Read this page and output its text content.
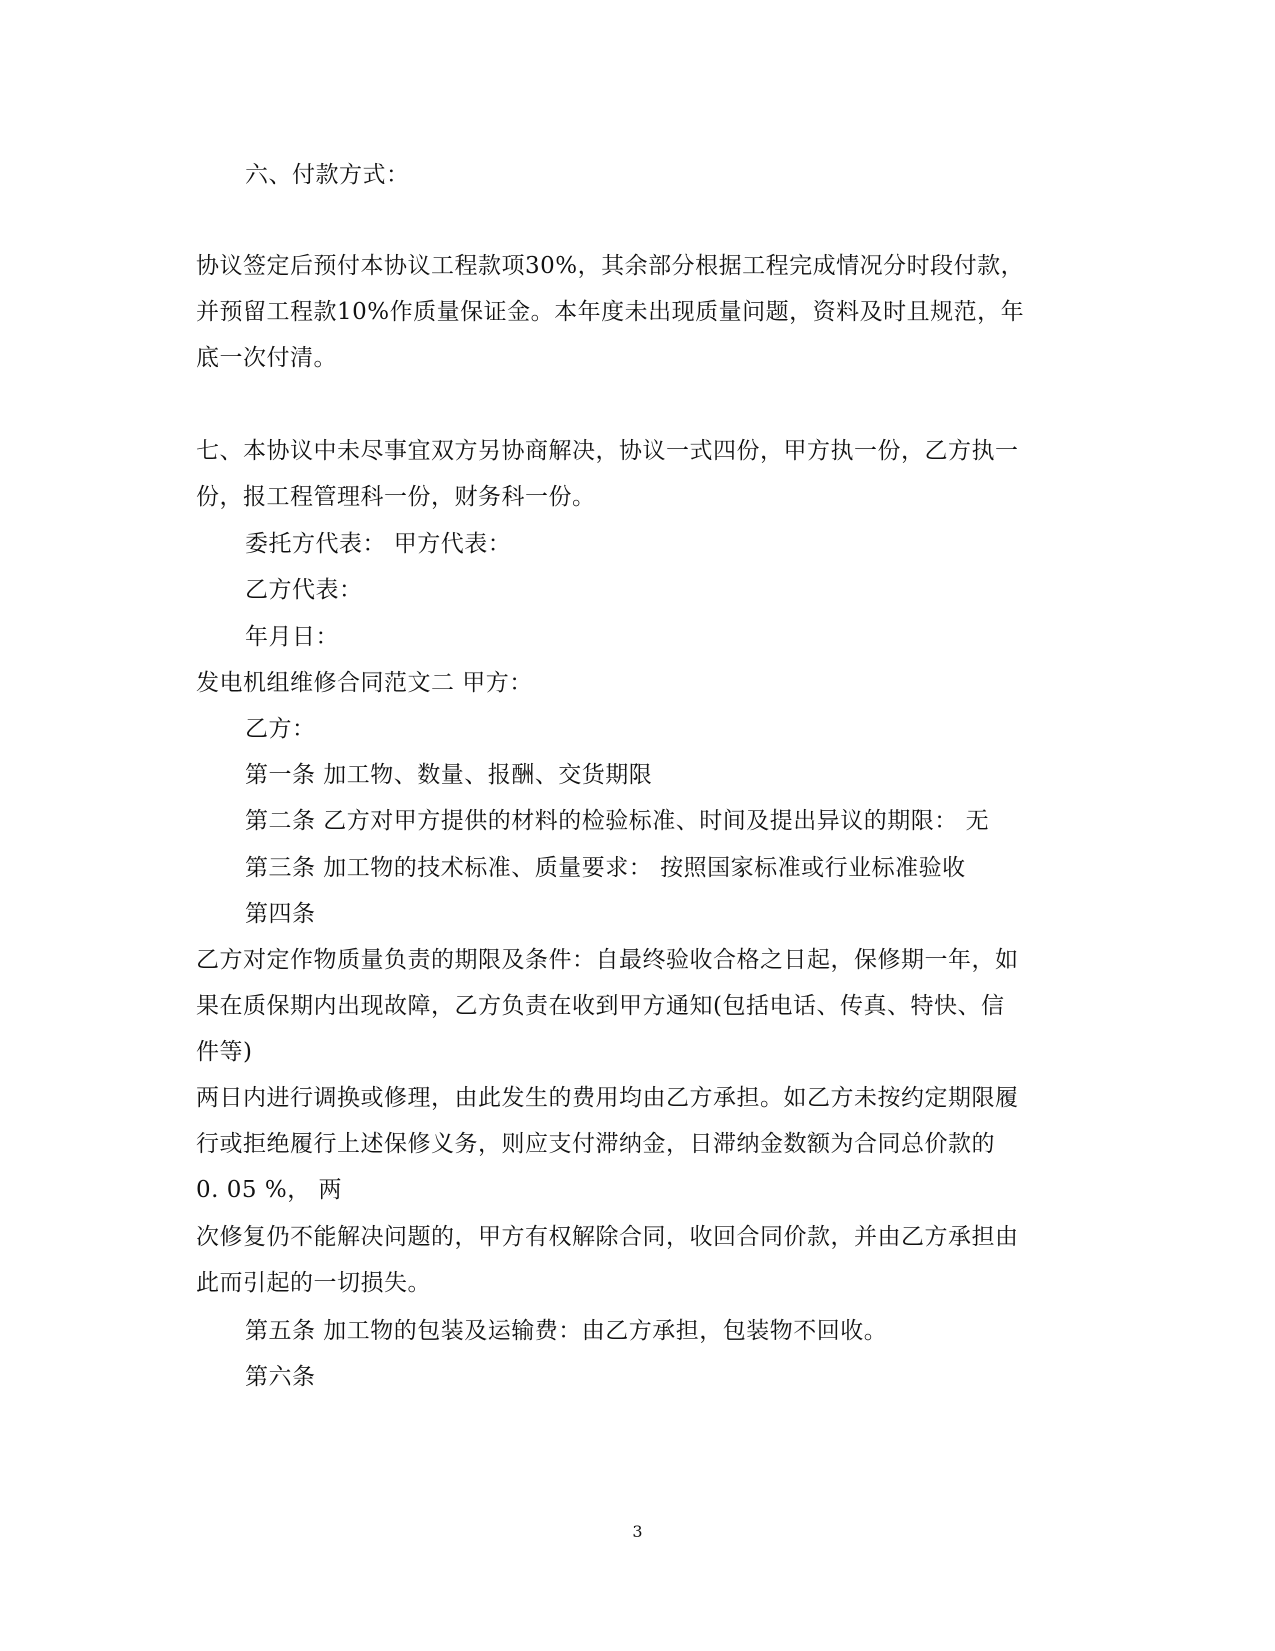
六、付款方式：
协议签定后预付本协议工程款项30%，其余部分根据工程完成情况分时段付款，
并预留工程款10%作质量保证金。本年度未出现质量问题，资料及时且规范，年
底一次付清。
七、本协议中未尽事宜双方另协商解决，协议一式四份，甲方执一份，乙方执一
份，报工程管理科一份，财务科一份。
委托方代表： 甲方代表：
乙方代表：
年月日：
发电机组维修合同范文二 甲方：
乙方：
第一条 加工物、数量、报酬、交货期限
第二条 乙方对甲方提供的材料的检验标准、时间及提出异议的期限： 无
第三条 加工物的技术标准、质量要求： 按照国家标准或行业标准验收
第四条
乙方对定作物质量负责的期限及条件：自最终验收合格之日起，保修期一年，如
果在质保期内出现故障，乙方负责在收到甲方通知(包括电话、传真、特快、信
件等)
两日内进行调换或修理，由此发生的费用均由乙方承担。如乙方未按约定期限履
行或拒绝履行上述保修义务，则应支付滞纳金，日滞纳金数额为合同总价款的
0. 05 %， 两
次修复仍不能解决问题的，甲方有权解除合同，收回合同价款，并由乙方承担由
此而引起的一切损失。
第五条 加工物的包装及运输费：由乙方承担，包装物不回收。
第六条
3
